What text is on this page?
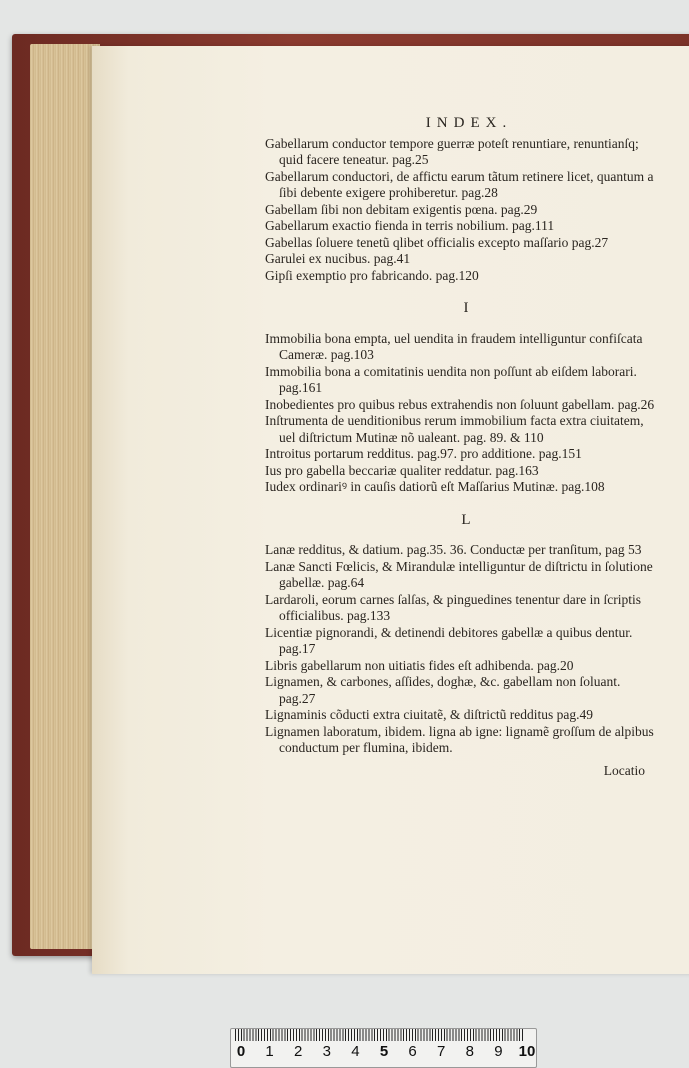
INDEX.

Gabellarum conductor tempore guerræ poteſt renuntiare, renuntianſq; quid facere teneatur. pag.25

Gabellarum conductori, de affictu earum tãtum retinere licet, quantum a ſibi debente exigere prohiberetur. pag.28

Gabellam ſibi non debitam exigentis pœna. pag.29

Gabellarum exactio fienda in terris nobilium. pag.111

Gabellas ſoluere tenetũ qlibet officialis excepto maſſario pag.27

Garulei ex nucibus. pag.41

Gipſi exemptio pro fabricando. pag.120

I

Immobilia bona empta, uel uendita in fraudem intelliguntur confiſcata Cameræ. pag.103

Immobilia bona a comitatinis uendita non poſſunt ab eiſdem laborari. pag.161

Inobedientes pro quibus rebus extrahendis non ſoluunt gabellam. pag.26

Inſtrumenta de uenditionibus rerum immobilium facta extra ciuitatem, uel diſtrictum Mutinæ nõ ualeant. pag. 89. & 110

Introitus portarum redditus. pag.97. pro additione. pag.151

Ius pro gabella beccariæ qualiter reddatur. pag.163

Iudex ordinariꝰ in cauſis datiorũ eſt Maſſarius Mutinæ. pag.108

L

Lanæ redditus, & datium. pag.35. 36. Conductæ per tranſitum, pag 53

Lanæ Sancti Fœlicis, & Mirandulæ intelliguntur de diſtrictu in ſolutione gabellæ. pag.64

Lardaroli, eorum carnes ſalſas, & pinguedines tenentur dare in ſcriptis officialibus. pag.133

Licentiæ pignorandi, & detinendi debitores gabellæ a quibus dentur. pag.17

Libris gabellarum non uitiatis fides eſt adhibenda. pag.20

Lignamen, & carbones, aſſides, doghæ, &c. gabellam non ſoluant. pag.27

Lignaminis cõducti extra ciuitatẽ, & diſtrictũ redditus pag.49

Lignamen laboratum, ibidem. ligna ab igne: lignamẽ groſſum de alpibus conductum per flumina, ibidem.

Locatio
0 1 2 3 4 5 6 7 8 9 10
